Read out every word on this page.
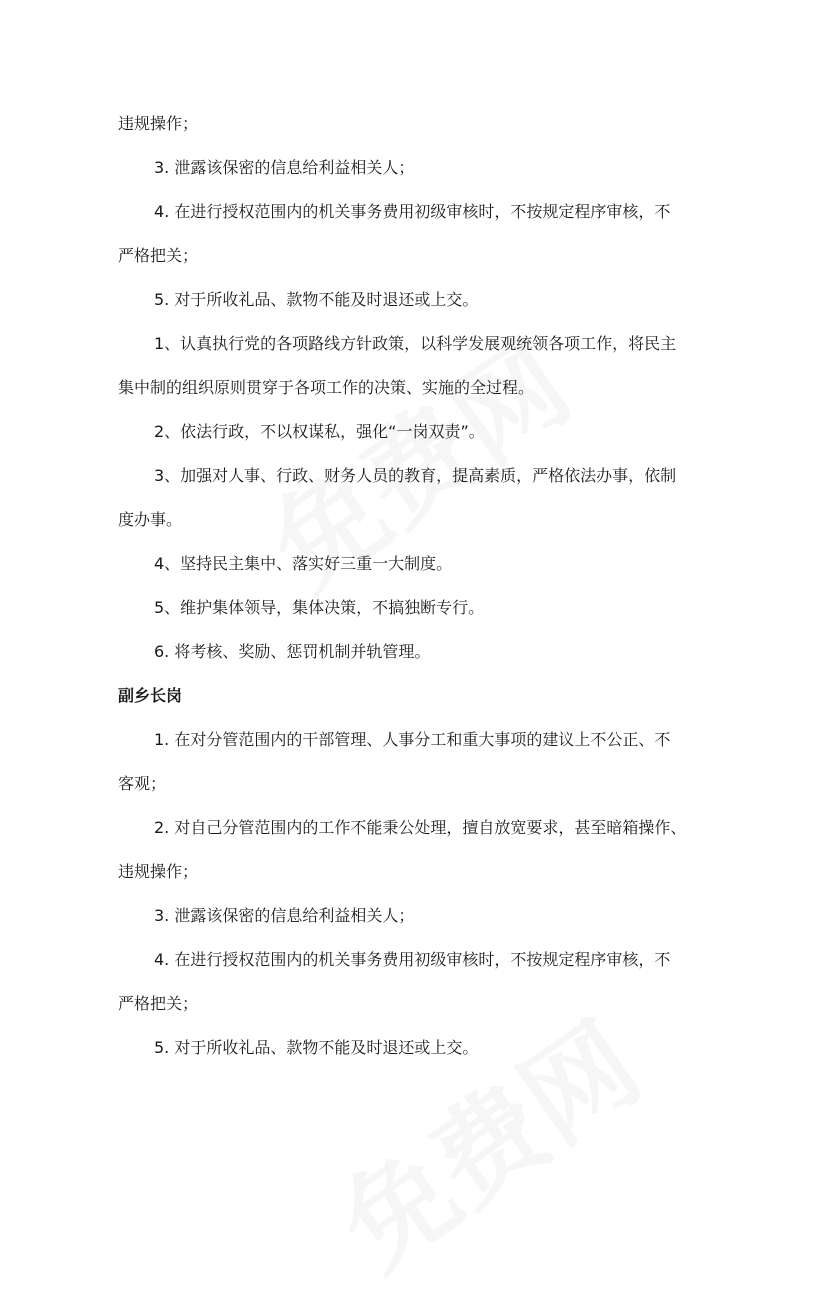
违规操作；
3. 泄露该保密的信息给利益相关人；
4. 在进行授权范围内的机关事务费用初级审核时，不按规定程序审核，不
严格把关；
5. 对于所收礼品、款物不能及时退还或上交。
1、认真执行党的各项路线方针政策，以科学发展观统领各项工作，将民主
集中制的组织原则贯穿于各项工作的决策、实施的全过程。
2、依法行政，不以权谋私，强化“一岗双责”。
3、加强对人事、行政、财务人员的教育，提高素质，严格依法办事，依制
度办事。
4、坚持民主集中、落实好三重一大制度。
5、维护集体领导，集体决策，不搞独断专行。
6. 将考核、奖励、惩罚机制并轨管理。
副乡长岗
1. 在对分管范围内的干部管理、人事分工和重大事项的建议上不公正、不
客观；
2. 对自己分管范围内的工作不能秉公处理，擅自放宽要求，甚至暗箱操作、
违规操作；
3. 泄露该保密的信息给利益相关人；
4. 在进行授权范围内的机关事务费用初级审核时，不按规定程序审核，不
严格把关；
5. 对于所收礼品、款物不能及时退还或上交。
